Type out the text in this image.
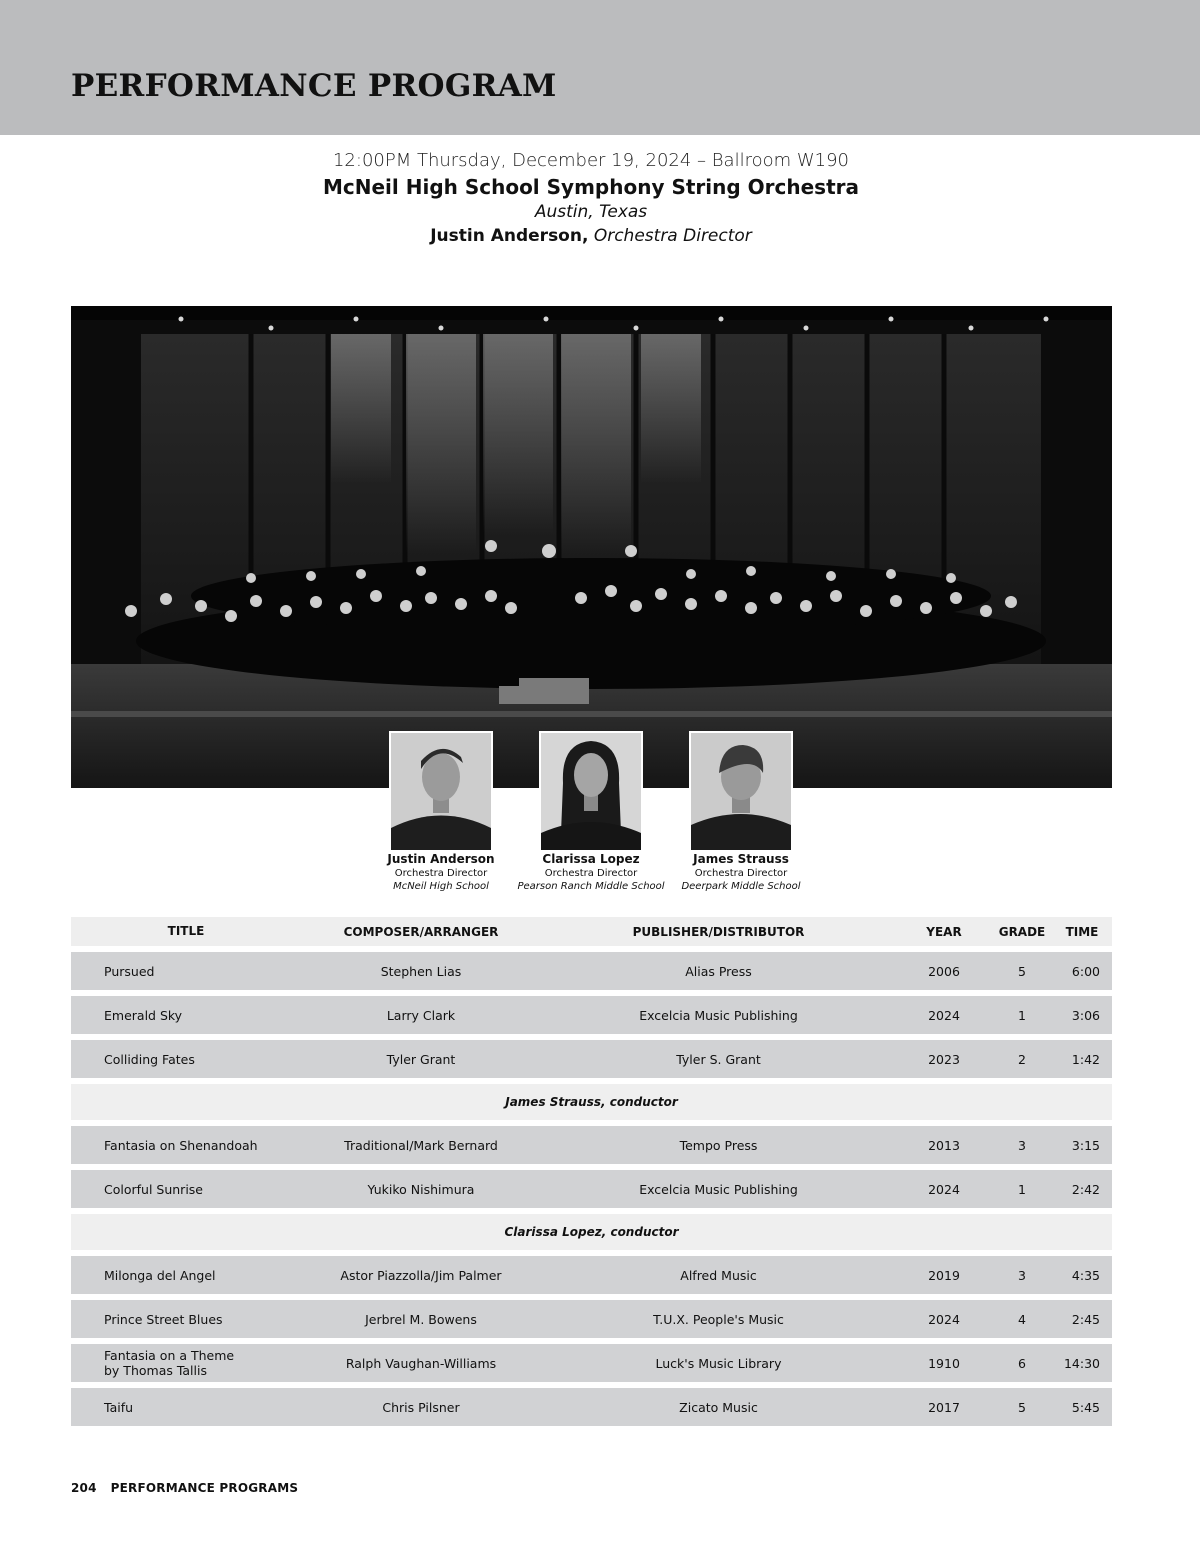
PERFORMANCE PROGRAM
12:00PM Thursday, December 19, 2024 – Ballroom W190
McNeil High School Symphony String Orchestra
Austin, Texas
Justin Anderson, Orchestra Director
Justin Anderson
Orchestra Director
McNeil High School
Clarissa Lopez
Orchestra Director
Pearson Ranch Middle School
James Strauss
Orchestra Director
Deerpark Middle School
TITLE	COMPOSER/ARRANGER	PUBLISHER/DISTRIBUTOR	YEAR	GRADE	TIME
Pursued	Stephen Lias	Alias Press	2006	5	6:00
Emerald Sky	Larry Clark	Excelcia Music Publishing	2024	1	3:06
Colliding Fates	Tyler Grant	Tyler S. Grant	2023	2	1:42
James Strauss, conductor					
Fantasia on Shenandoah	Traditional/Mark Bernard	Tempo Press	2013	3	3:15
Colorful Sunrise	Yukiko Nishimura	Excelcia Music Publishing	2024	1	2:42
Clarissa Lopez, conductor					
Milonga del Angel	Astor Piazzolla/Jim Palmer	Alfred Music	2019	3	4:35
Prince Street Blues	Jerbrel M. Bowens	T.U.X. People's Music	2024	4	2:45
Fantasia on a Theme
by Thomas Tallis	Ralph Vaughan-Williams	Luck's Music Library	1910	6	14:30
Taifu	Chris Pilsner	Zicato Music	2017	5	5:45
204 PERFORMANCE PROGRAMS
